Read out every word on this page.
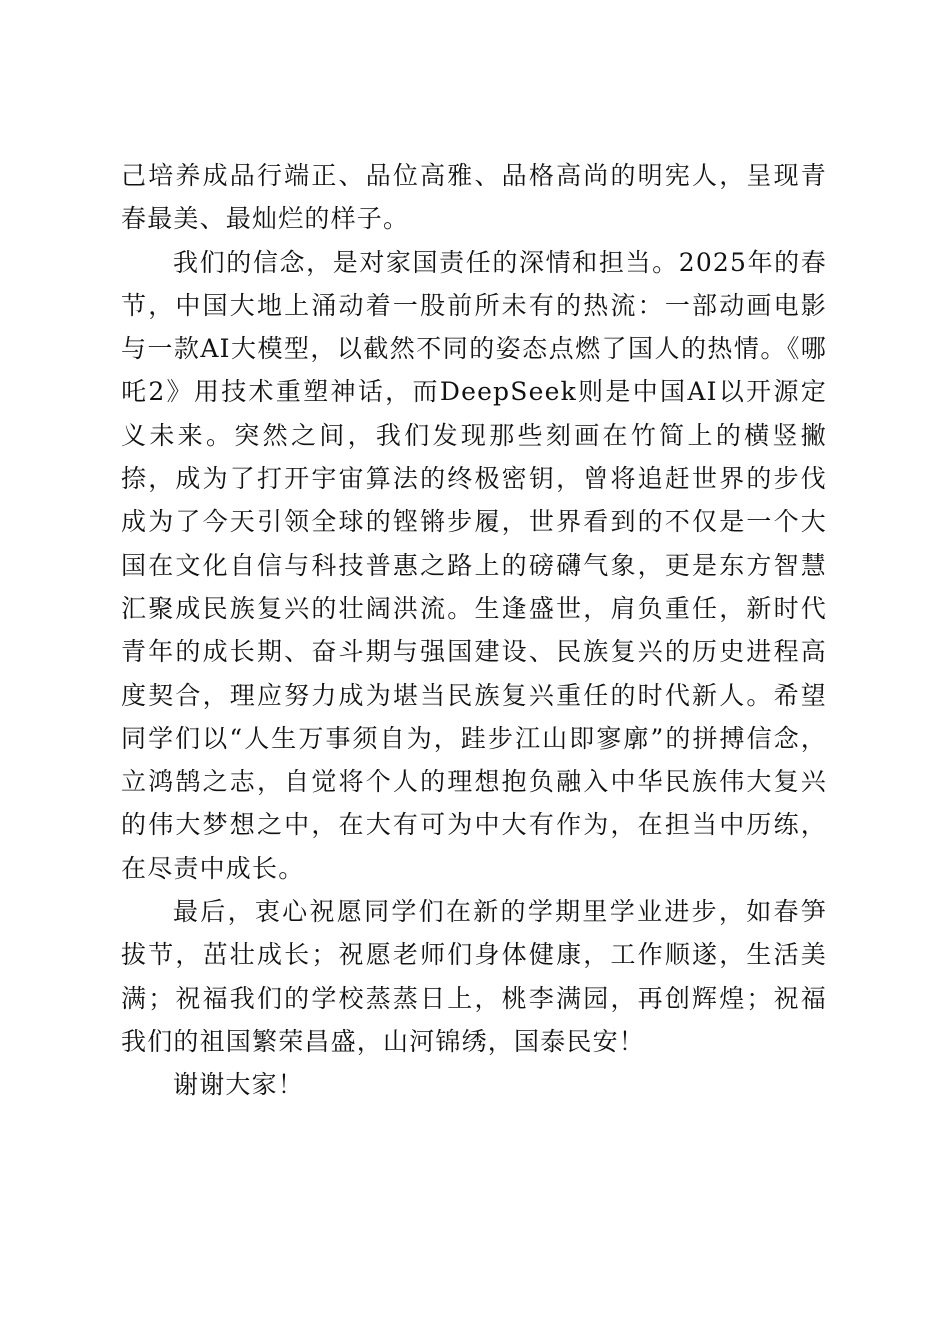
己培养成品行端正、品位高雅、品格高尚的明宪人，呈现青春最美、最灿烂的样子。

我们的信念，是对家国责任的深情和担当。2025年的春节，中国大地上涌动着一股前所未有的热流：一部动画电影与一款AI大模型，以截然不同的姿态点燃了国人的热情。《哪吒2》用技术重塑神话，而DeepSeek则是中国AI以开源定义未来。突然之间，我们发现那些刻画在竹简上的横竖撇捺，成为了打开宇宙算法的终极密钥，曾将追赶世界的步伐成为了今天引领全球的铿锵步履，世界看到的不仅是一个大国在文化自信与科技普惠之路上的磅礴气象，更是东方智慧汇聚成民族复兴的壮阔洪流。生逢盛世，肩负重任，新时代青年的成长期、奋斗期与强国建设、民族复兴的历史进程高度契合，理应努力成为堪当民族复兴重任的时代新人。希望同学们以“人生万事须自为，跬步江山即寥廓”的拼搏信念，立鸿鹄之志，自觉将个人的理想抱负融入中华民族伟大复兴的伟大梦想之中，在大有可为中大有作为，在担当中历练，在尽责中成长。

最后，衷心祝愿同学们在新的学期里学业进步，如春笋拔节，茁壮成长；祝愿老师们身体健康，工作顺遂，生活美满；祝福我们的学校蒸蒸日上，桃李满园，再创辉煌；祝福我们的祖国繁荣昌盛，山河锦绣，国泰民安！

谢谢大家！
